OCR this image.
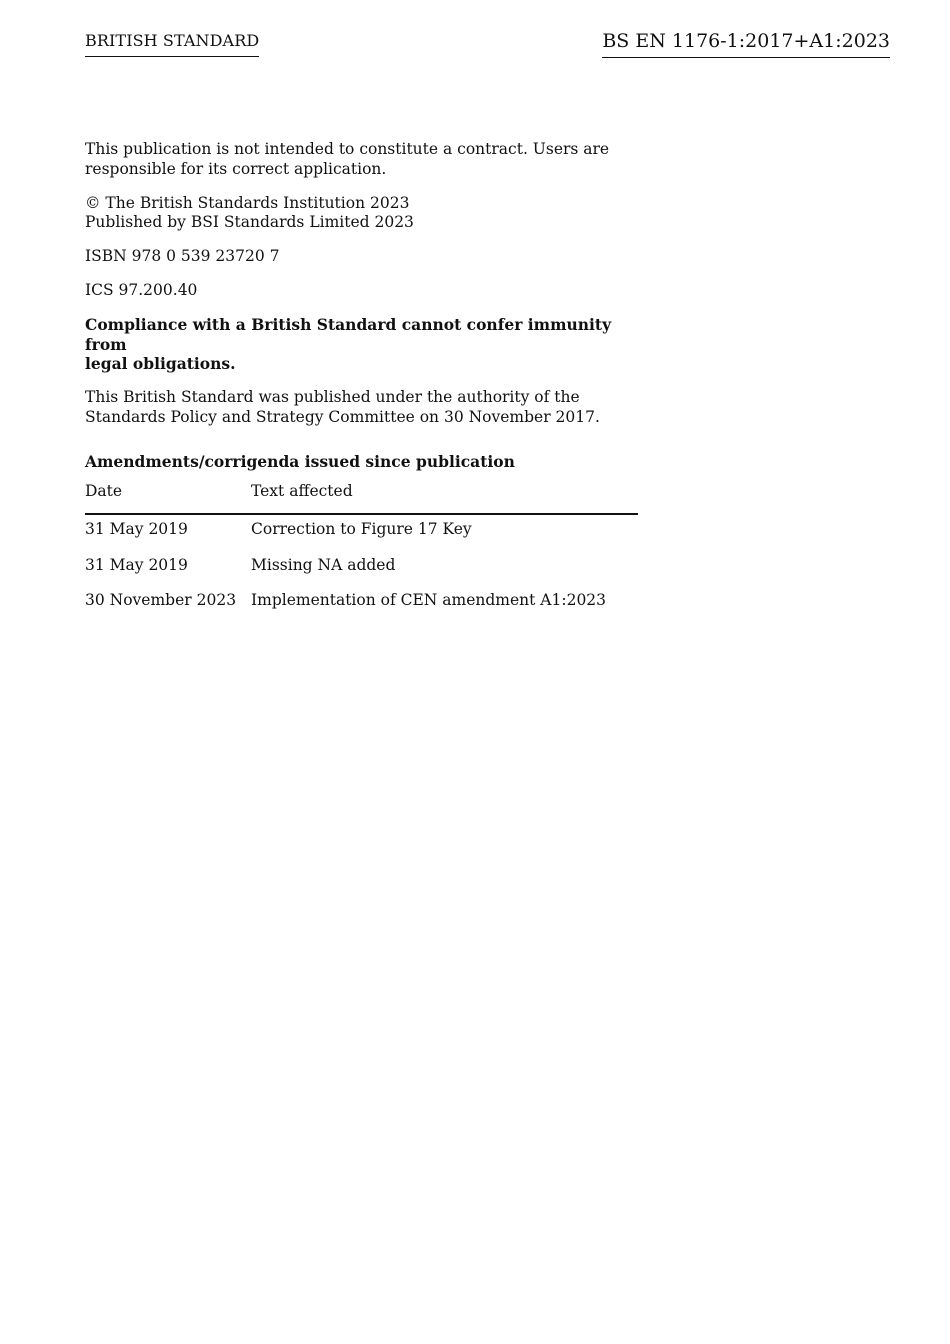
BRITISH STANDARD	BS EN 1176-1:2017+A1:2023

This publication is not intended to constitute a contract. Users are
responsible for its correct application.

© The British Standards Institution 2023
Published by BSI Standards Limited 2023

ISBN 978 0 539 23720 7

ICS 97.200.40

Compliance with a British Standard cannot confer immunity from
legal obligations.

This British Standard was published under the authority of the
Standards Policy and Strategy Committee on 30 November 2017.

Amendments/corrigenda issued since publication
Date	Text affected
31 May 2019	Correction to Figure 17 Key
31 May 2019	Missing NA added
30 November 2023	Implementation of CEN amendment A1:2023
